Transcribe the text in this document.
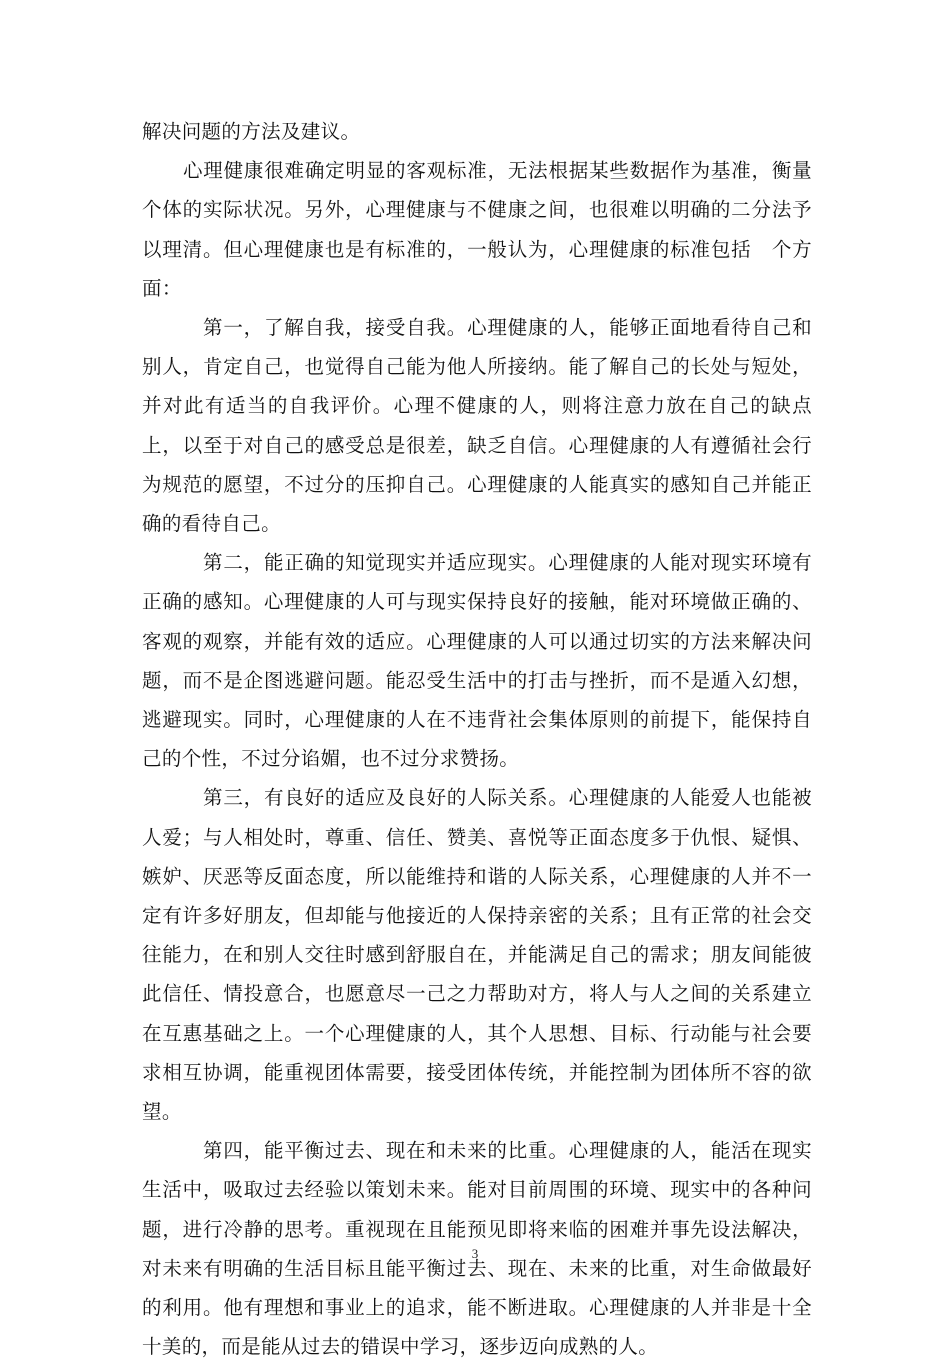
解决问题的方法及建议。

心理健康很难确定明显的客观标准，无法根据某些数据作为基准，衡量个体的实际状况。另外，心理健康与不健康之间，也很难以明确的二分法予以理清。但心理健康也是有标准的，一般认为，心理健康的标准包括　个方面：

第一，了解自我，接受自我。心理健康的人，能够正面地看待自己和别人，肯定自己，也觉得自己能为他人所接纳。能了解自己的长处与短处，并对此有适当的自我评价。心理不健康的人，则将注意力放在自己的缺点上，以至于对自己的感受总是很差，缺乏自信。心理健康的人有遵循社会行为规范的愿望，不过分的压抑自己。心理健康的人能真实的感知自己并能正确的看待自己。

第二，能正确的知觉现实并适应现实。心理健康的人能对现实环境有正确的感知。心理健康的人可与现实保持良好的接触，能对环境做正确的、客观的观察，并能有效的适应。心理健康的人可以通过切实的方法来解决问题，而不是企图逃避问题。能忍受生活中的打击与挫折，而不是遁入幻想，逃避现实。同时，心理健康的人在不违背社会集体原则的前提下，能保持自己的个性，不过分谄媚，也不过分求赞扬。

第三，有良好的适应及良好的人际关系。心理健康的人能爱人也能被人爱；与人相处时，尊重、信任、赞美、喜悦等正面态度多于仇恨、疑惧、嫉妒、厌恶等反面态度，所以能维持和谐的人际关系，心理健康的人并不一定有许多好朋友，但却能与他接近的人保持亲密的关系；且有正常的社会交往能力，在和别人交往时感到舒服自在，并能满足自己的需求；朋友间能彼此信任、情投意合，也愿意尽一己之力帮助对方，将人与人之间的关系建立在互惠基础之上。一个心理健康的人，其个人思想、目标、行动能与社会要求相互协调，能重视团体需要，接受团体传统，并能控制为团体所不容的欲望。

第四，能平衡过去、现在和未来的比重。心理健康的人，能活在现实生活中，吸取过去经验以策划未来。能对目前周围的环境、现实中的各种问题，进行冷静的思考。重视现在且能预见即将来临的困难并事先设法解决，对未来有明确的生活目标且能平衡过去、现在、未来的比重，对生命做最好的利用。他有理想和事业上的追求，能不断进取。心理健康的人并非是十全十美的，而是能从过去的错误中学习，逐步迈向成熟的人。

3
